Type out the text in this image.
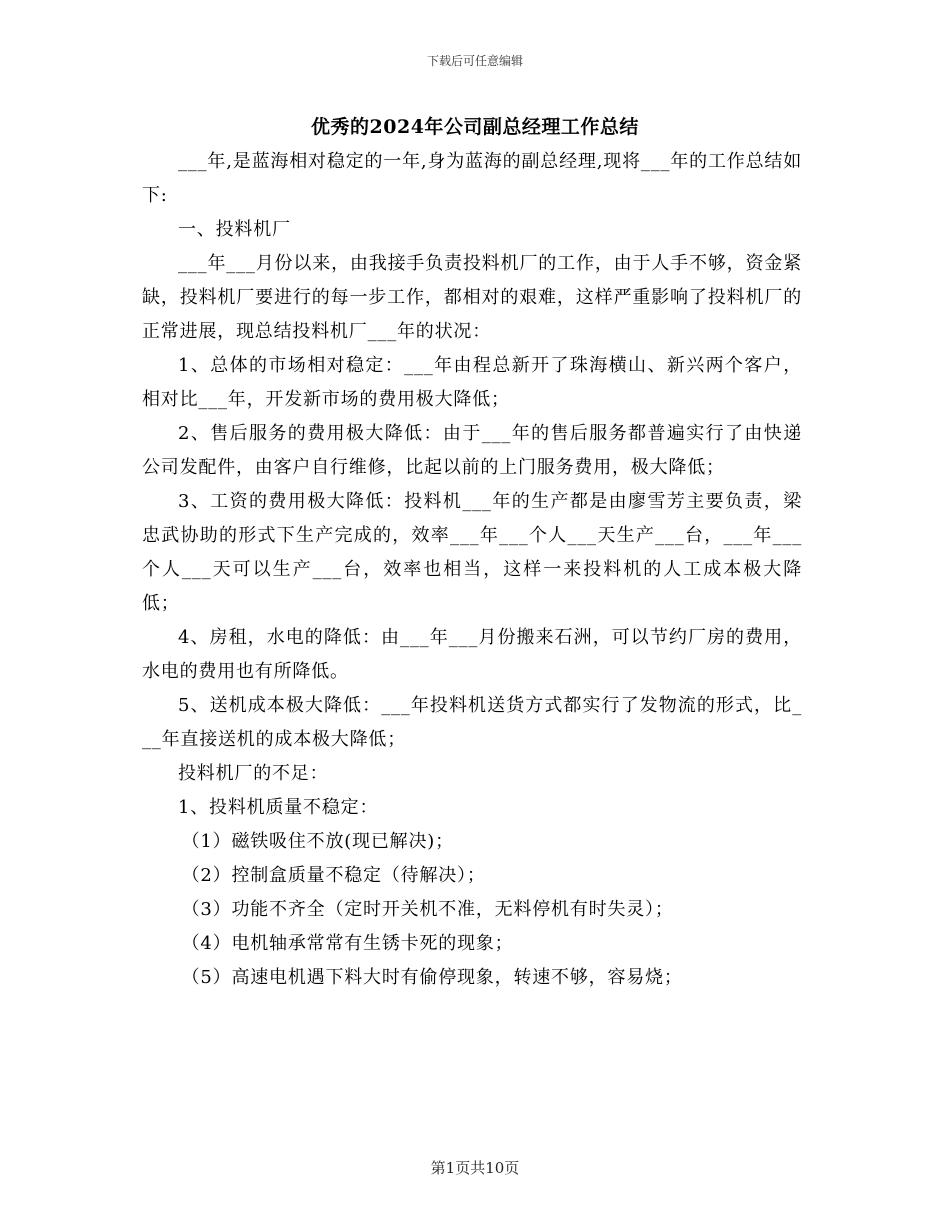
下载后可任意编辑
优秀的2024年公司副总经理工作总结

___年,是蓝海相对稳定的一年,身为蓝海的副总经理,现将___年的工作总结如下:

一、投料机厂

___年___月份以来，由我接手负责投料机厂的工作，由于人手不够，资金紧缺，投料机厂要进行的每一步工作，都相对的艰难，这样严重影响了投料机厂的正常进展，现总结投料机厂___年的状况：

1、总体的市场相对稳定：___年由程总新开了珠海横山、新兴两个客户，相对比___年，开发新市场的费用极大降低；

2、售后服务的费用极大降低：由于___年的售后服务都普遍实行了由快递公司发配件，由客户自行维修，比起以前的上门服务费用，极大降低；

3、工资的费用极大降低：投料机___年的生产都是由廖雪芳主要负责，梁忠武协助的形式下生产完成的，效率___年___个人___天生产___台，___年___个人___天可以生产___台，效率也相当，这样一来投料机的人工成本极大降低；

4、房租，水电的降低：由___年___月份搬来石洲，可以节约厂房的费用，水电的费用也有所降低。

5、送机成本极大降低：___年投料机送货方式都实行了发物流的形式，比___年直接送机的成本极大降低；

投料机厂的不足：

1、投料机质量不稳定：

（1）磁铁吸住不放(现已解决)；

（2）控制盒质量不稳定（待解决）；

（3）功能不齐全（定时开关机不准，无料停机有时失灵）；

（4）电机轴承常常有生锈卡死的现象；

（5）高速电机遇下料大时有偷停现象，转速不够，容易烧；

第1页共10页
